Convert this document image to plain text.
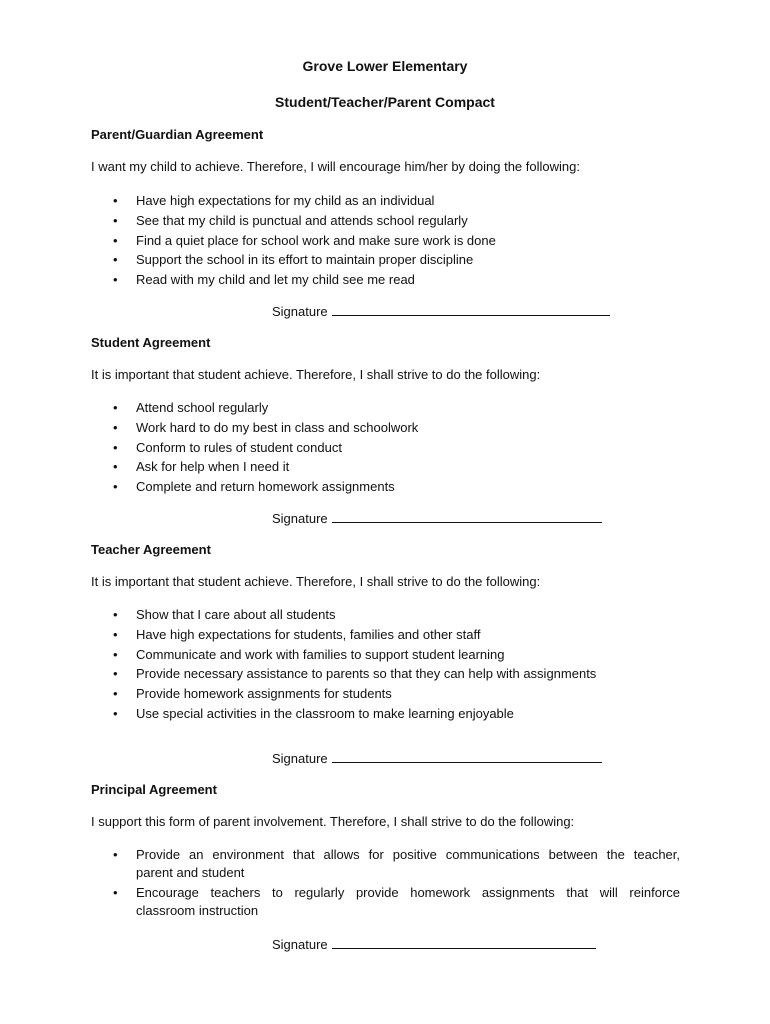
Grove Lower Elementary
Student/Teacher/Parent Compact
Parent/Guardian Agreement
I want my child to achieve. Therefore, I will encourage him/her by doing the following:
• Have high expectations for my child as an individual
• See that my child is punctual and attends school regularly
• Find a quiet place for school work and make sure work is done
• Support the school in its effort to maintain proper discipline
• Read with my child and let my child see me read
Signature
Student Agreement
It is important that student achieve. Therefore, I shall strive to do the following:
• Attend school regularly
• Work hard to do my best in class and schoolwork
• Conform to rules of student conduct
• Ask for help when I need it
• Complete and return homework assignments
Signature
Teacher Agreement
It is important that student achieve. Therefore, I shall strive to do the following:
• Show that I care about all students
• Have high expectations for students, families and other staff
• Communicate and work with families to support student learning
• Provide necessary assistance to parents so that they can help with assignments
• Provide homework assignments for students
• Use special activities in the classroom to make learning enjoyable
Signature
Principal Agreement
I support this form of parent involvement. Therefore, I shall strive to do the following:
• Provide an environment that allows for positive communications between the teacher,
parent and student
• Encourage teachers to regularly provide homework assignments that will reinforce
classroom instruction
Signature
